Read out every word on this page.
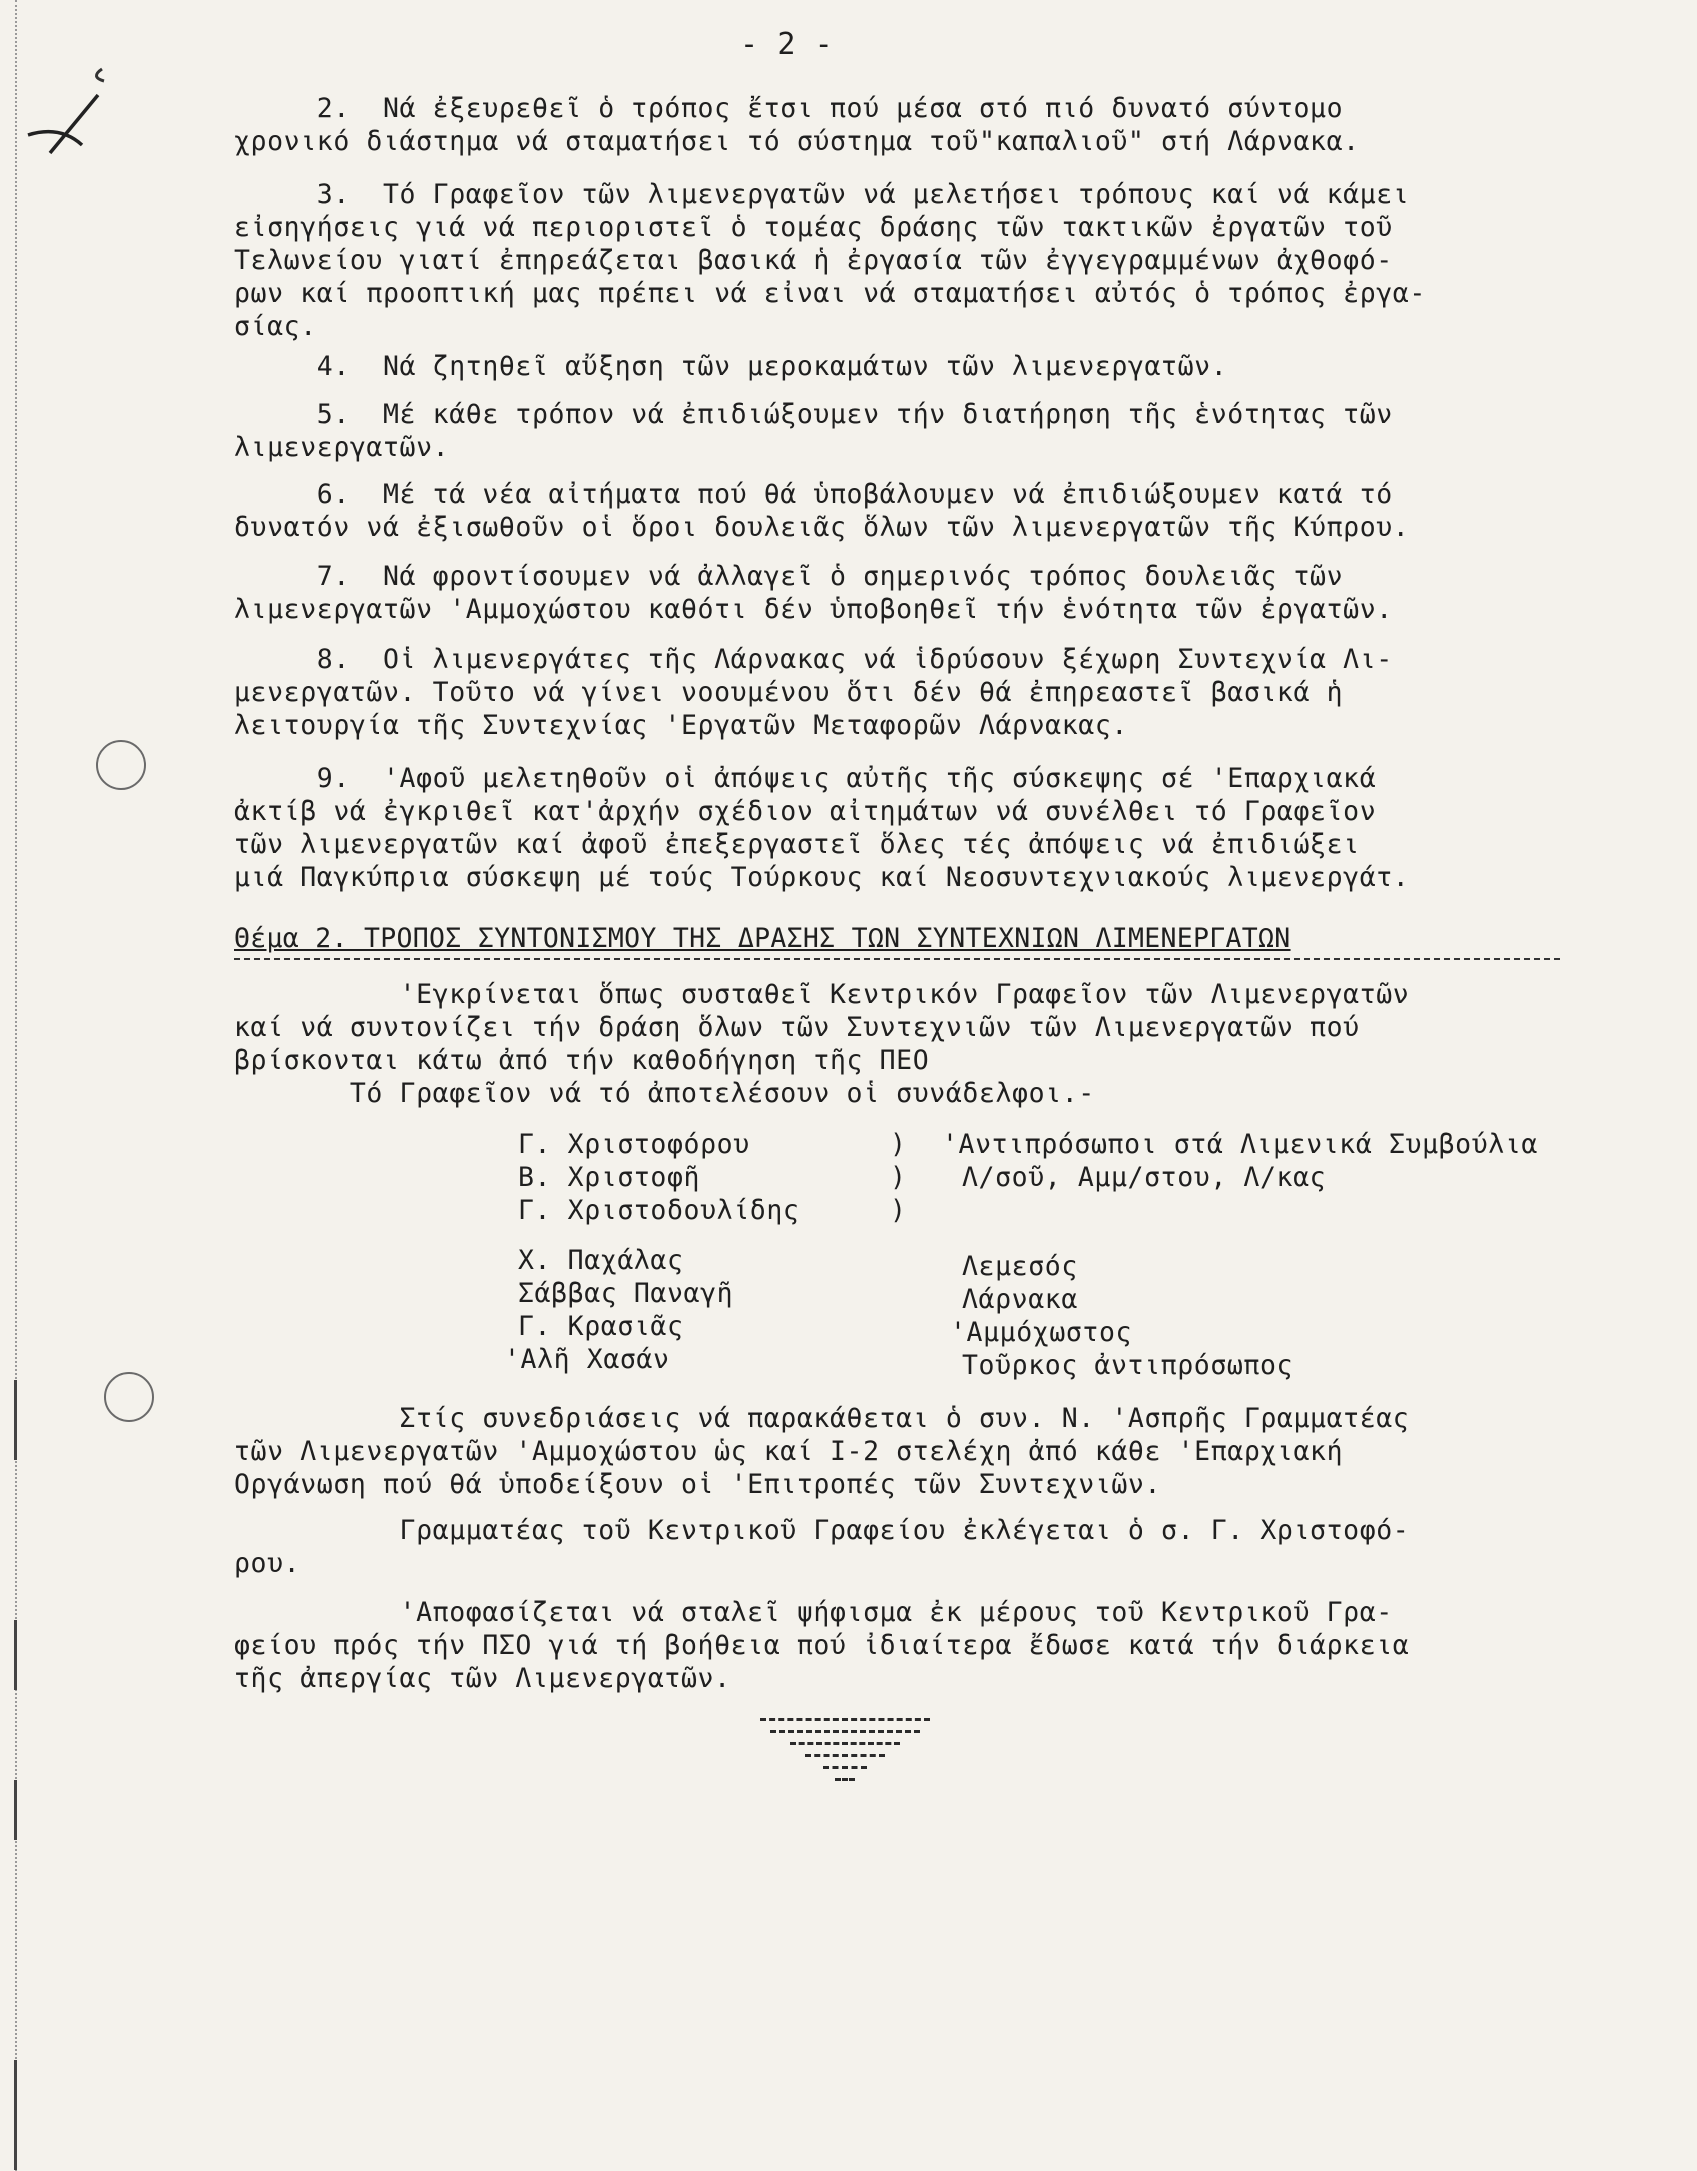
- 2 -
2.  Νά ἐξευρεθεῖ ὁ τρόπος ἔτσι πού μέσα στό πιό δυνατό σύντομο
χρονικό διάστημα νά σταματήσει τό σύστημα τοῦ"καπαλιοῦ" στή Λάρνακα.
3.  Τό Γραφεῖον τῶν λιμενεργατῶν νά μελετήσει τρόπους καί νά κάμει
εἰσηγήσεις γιά νά περιοριστεῖ ὁ τομέας δράσης τῶν τακτικῶν ἐργατῶν τοῦ
Τελωνείου γιατί ἐπηρεάζεται βασικά ἡ ἐργασία τῶν ἐγγεγραμμένων ἀχθοφό-
ρων καί προοπτική μας πρέπει νά εἰναι νά σταματήσει αὐτός ὁ τρόπος ἐργα-
σίας.
4.  Νά ζητηθεῖ αὔξηση τῶν μεροκαμάτων τῶν λιμενεργατῶν.
5.  Μέ κάθε τρόπον νά ἐπιδιώξουμεν τήν διατήρηση τῆς ἑνότητας τῶν
λιμενεργατῶν.
6.  Μέ τά νέα αἰτήματα πού θά ὑποβάλουμεν νά ἐπιδιώξουμεν κατά τό
δυνατόν νά ἐξισωθοῦν οἱ ὅροι δουλειᾶς ὅλων τῶν λιμενεργατῶν τῆς Κύπρου.
7.  Νά φροντίσουμεν νά ἀλλαγεῖ ὁ σημερινός τρόπος δουλειᾶς τῶν
λιμενεργατῶν 'Αμμοχώστου καθότι δέν ὑποβοηθεῖ τήν ἑνότητα τῶν ἐργατῶν.
8.  Οἱ λιμενεργάτες τῆς Λάρνακας νά ἱδρύσουν ξέχωρη Συντεχνία Λι-
μενεργατῶν. Τοῦτο νά γίνει νοουμένου ὅτι δέν θά ἐπηρεαστεῖ βασικά ἡ
λειτουργία τῆς Συντεχνίας 'Εργατῶν Μεταφορῶν Λάρνακας.
9.  'Αφοῦ μελετηθοῦν οἱ ἀπόψεις αὐτῆς τῆς σύσκεψης σέ 'Επαρχιακά
ἀκτίβ νά ἐγκριθεῖ κατ'ἀρχήν σχέδιον αἰτημάτων νά συνέλθει τό Γραφεῖον
τῶν λιμενεργατῶν καί ἀφοῦ ἐπεξεργαστεῖ ὅλες τές ἀπόψεις νά ἐπιδιώξει
μιά Παγκύπρια σύσκεψη μέ τούς Τούρκους καί Νεοσυντεχνιακούς λιμενεργάτ.
Θέμα 2. ΤΡΟΠΟΣ ΣΥΝΤΟΝΙΣΜΟΥ ΤΗΣ ΔΡΑΣΗΣ ΤΩΝ ΣΥΝΤΕΧΝΙΩΝ ΛΙΜΕΝΕΡΓΑΤΩΝ
'Εγκρίνεται ὅπως συσταθεῖ Κεντρικόν Γραφεῖον τῶν Λιμενεργατῶν
καί νά συντονίζει τήν δράση ὅλων τῶν Συντεχνιῶν τῶν Λιμενεργατῶν πού
βρίσκονται κάτω ἀπό τήν καθοδήγηση τῆς ΠΕΟ
Τό Γραφεῖον νά τό ἀποτελέσουν οἱ συνάδελφοι.-
Γ. Χριστοφόρου
Β. Χριστοφῆ
Γ. Χριστοδουλίδης
)
)
)
'Αντιπρόσωποι στά Λιμενικά Συμβούλια
Λ/σοῦ, Αμμ/στου, Λ/κας
Χ. Παχάλας
Σάββας Παναγῆ
Γ. Κρασιᾶς
'Αλῆ Χασάν
Λεμεσός
Λάρνακα
'Αμμόχωστος
Τοῦρκος ἀντιπρόσωπος
Στίς συνεδριάσεις νά παρακάθεται ὁ συν. Ν. 'Ασπρῆς Γραμματέας
τῶν Λιμενεργατῶν 'Αμμοχώστου ὡς καί Ι-2 στελέχη ἀπό κάθε 'Επαρχιακή
Οργάνωση πού θά ὑποδείξουν οἱ 'Επιτροπές τῶν Συντεχνιῶν.
Γραμματέας τοῦ Κεντρικοῦ Γραφείου ἐκλέγεται ὁ σ. Γ. Χριστοφό-
ρου.
'Αποφασίζεται νά σταλεῖ ψήφισμα ἐκ μέρους τοῦ Κεντρικοῦ Γρα-
φείου πρός τήν ΠΣΟ γιά τή βοήθεια πού ἰδιαίτερα ἔδωσε κατά τήν διάρκεια
τῆς ἀπεργίας τῶν Λιμενεργατῶν.
